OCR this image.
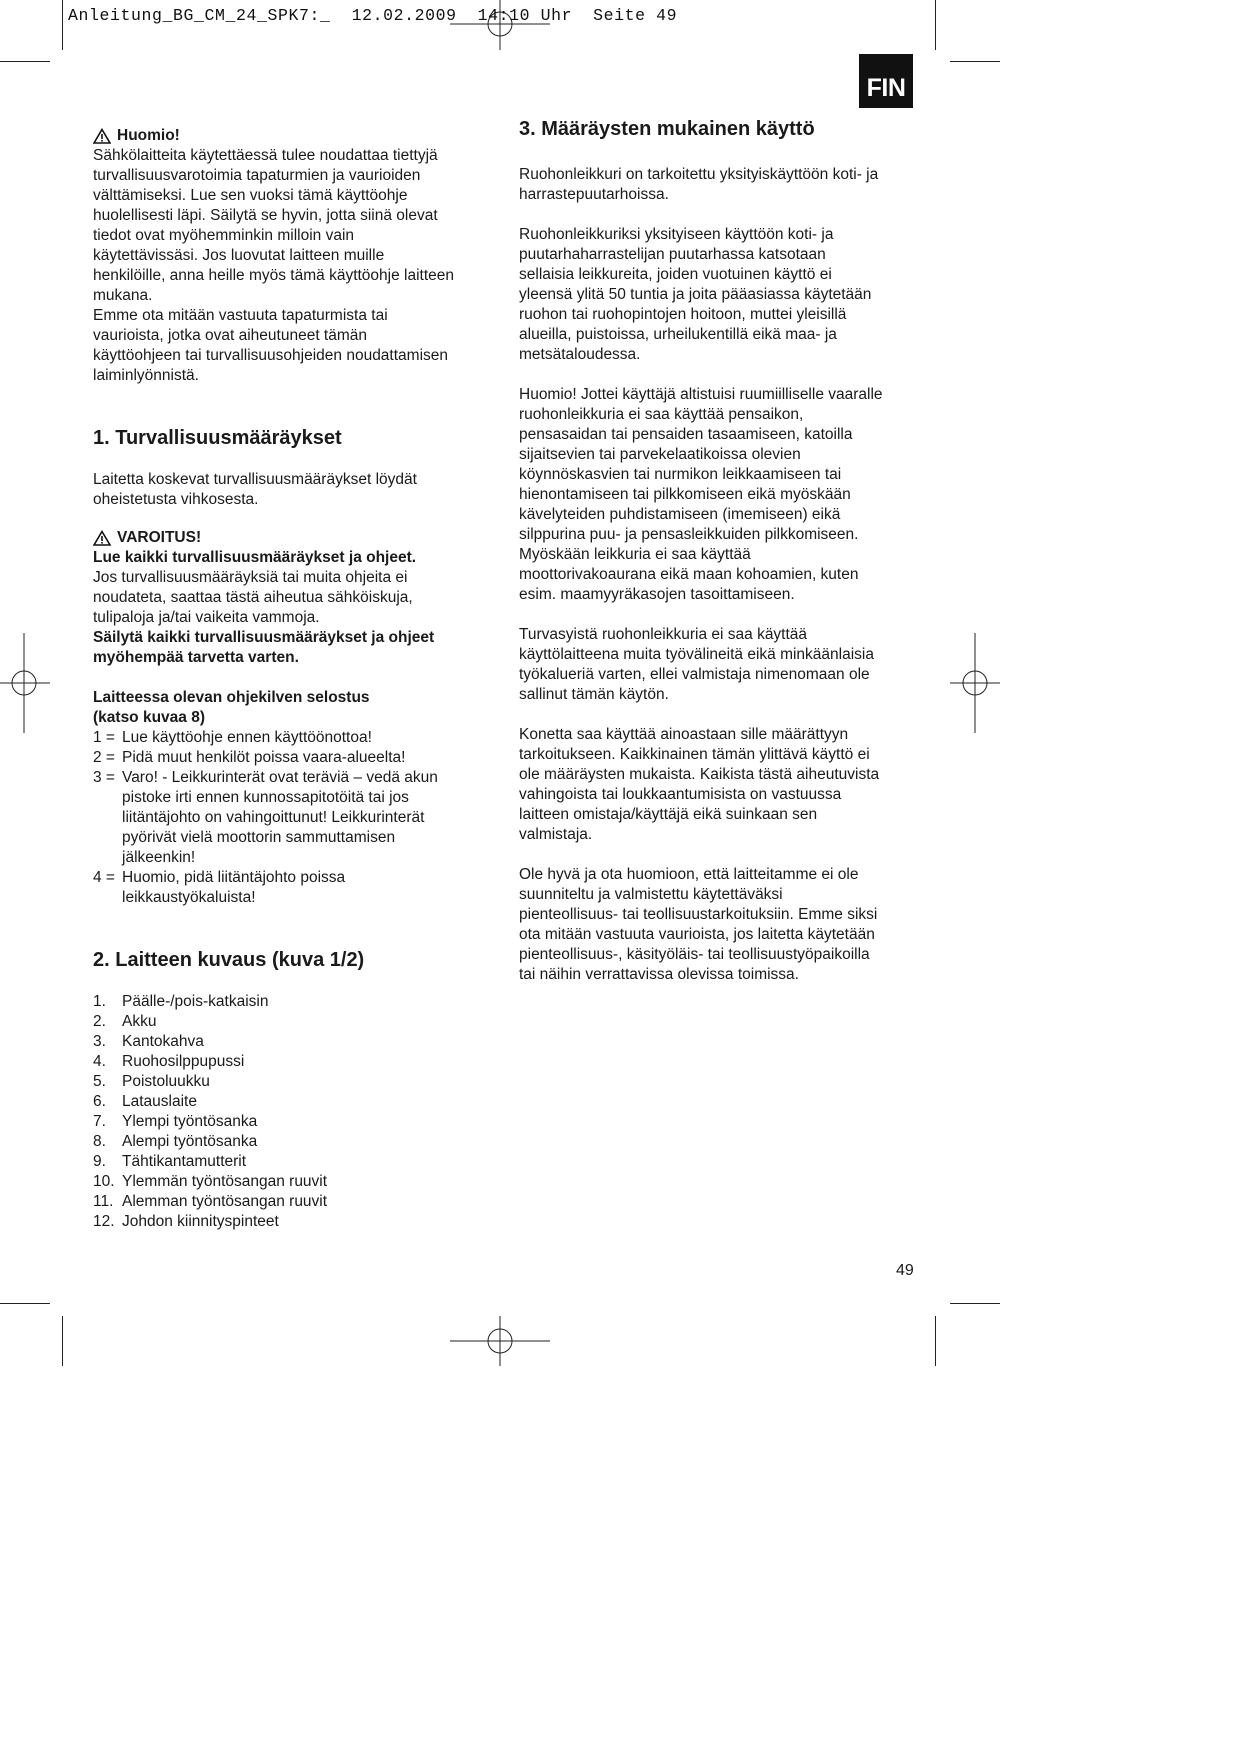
Anleitung_BG_CM_24_SPK7:_ 12.02.2009 14:10 Uhr Seite 49
FIN
Huomio!

Sähkölaitteita käytettäessä tulee noudattaa tiettyjä

turvallisuusvarotoimia tapaturmien ja vaurioiden

välttämiseksi. Lue sen vuoksi tämä käyttöohje

huolellisesti läpi. Säilytä se hyvin, jotta siinä olevat

tiedot ovat myöhemminkin milloin vain

käytettävissäsi. Jos luovutat laitteen muille

henkilöille, anna heille myös tämä käyttöohje laitteen

mukana.

Emme ota mitään vastuuta tapaturmista tai

vaurioista, jotka ovat aiheutuneet tämän

käyttöohjeen tai turvallisuusohjeiden noudattamisen

laiminlyönnistä.

1. Turvallisuusmääräykset

Laitetta koskevat turvallisuusmääräykset löydät

oheistetusta vihkosesta.

VAROITUS!

Lue kaikki turvallisuusmääräykset ja ohjeet.

Jos turvallisuusmääräyksiä tai muita ohjeita ei

noudateta, saattaa tästä aiheutua sähköiskuja,

tulipaloja ja/tai vaikeita vammoja.

Säilytä kaikki turvallisuusmääräykset ja ohjeet

myöhempää tarvetta varten.

Laitteessa olevan ohjekilven selostus

(katso kuvaa 8)

1 = Lue käyttöohje ennen käyttöönottoa!

2 = Pidä muut henkilöt poissa vaara-alueelta!

3 = Varo! - Leikkurinterät ovat teräviä – vedä akun

pistoke irti ennen kunnossapitotöitä tai jos

liitäntäjohto on vahingoittunut! Leikkurinterät

pyörivät vielä moottorin sammuttamisen

jälkeenkin!

4 = Huomio, pidä liitäntäjohto poissa

leikkaustyökaluista!

2. Laitteen kuvaus (kuva 1/2)
1.	Päälle-/pois-katkaisin
2.	Akku
3.	Kantokahva
4.	Ruohosilppupussi
5.	Poistoluukku
6.	Latauslaite
7.	Ylempi työntösanka
8.	Alempi työntösanka
9.	Tähtikantamutterit
10. Ylemmän työntösangan ruuvit
11. Alemman työntösangan ruuvit
12. Johdon kiinnityspinteet
3. Määräysten mukainen käyttö

Ruohonleikkuri on tarkoitettu yksityiskäyttöön koti- ja

harrastepuutarhoissa.

Ruohonleikkuriksi yksityiseen käyttöön koti- ja

puutarhaharrastelijan puutarhassa katsotaan

sellaisia leikkureita, joiden vuotuinen käyttö ei

yleensä ylitä 50 tuntia ja joita pääasiassa käytetään

ruohon tai ruohopintojen hoitoon, muttei yleisillä

alueilla, puistoissa, urheilukentillä eikä maa- ja

metsätaloudessa.

Huomio! Jottei käyttäjä altistuisi ruumiilliselle vaaralle

ruohonleikkuria ei saa käyttää pensaikon,

pensasaidan tai pensaiden tasaamiseen, katoilla

sijaitsevien tai parvekelaatikoissa olevien

köynnöskasvien tai nurmikon leikkaamiseen tai

hienontamiseen tai pilkkomiseen eikä myöskään

kävelyteiden puhdistamiseen (imemiseen) eikä

silppurina puu- ja pensasleikkuiden pilkkomiseen.

Myöskään leikkuria ei saa käyttää

moottorivakoaurana eikä maan kohoamien, kuten

esim. maamyyräkasojen tasoittamiseen.

Turvasyistä ruohonleikkuria ei saa käyttää

käyttölaitteena muita työvälineitä eikä minkäänlaisia

työkalueriä varten, ellei valmistaja nimenomaan ole

sallinut tämän käytön.

Konetta saa käyttää ainoastaan sille määrättyyn

tarkoitukseen. Kaikkinainen tämän ylittävä käyttö ei

ole määräysten mukaista. Kaikista tästä aiheutuvista

vahingoista tai loukkaantumisista on vastuussa

laitteen omistaja/käyttäjä eikä suinkaan sen

valmistaja.

Ole hyvä ja ota huomioon, että laitteitamme ei ole

suunniteltu ja valmistettu käytettäväksi

pienteollisuus- tai teollisuustarkoituksiin. Emme siksi

ota mitään vastuuta vaurioista, jos laitetta käytetään

pienteollisuus-, käsityöläis- tai teollisuustyöpaikoilla

tai näihin verrattavissa olevissa toimissa.

49
